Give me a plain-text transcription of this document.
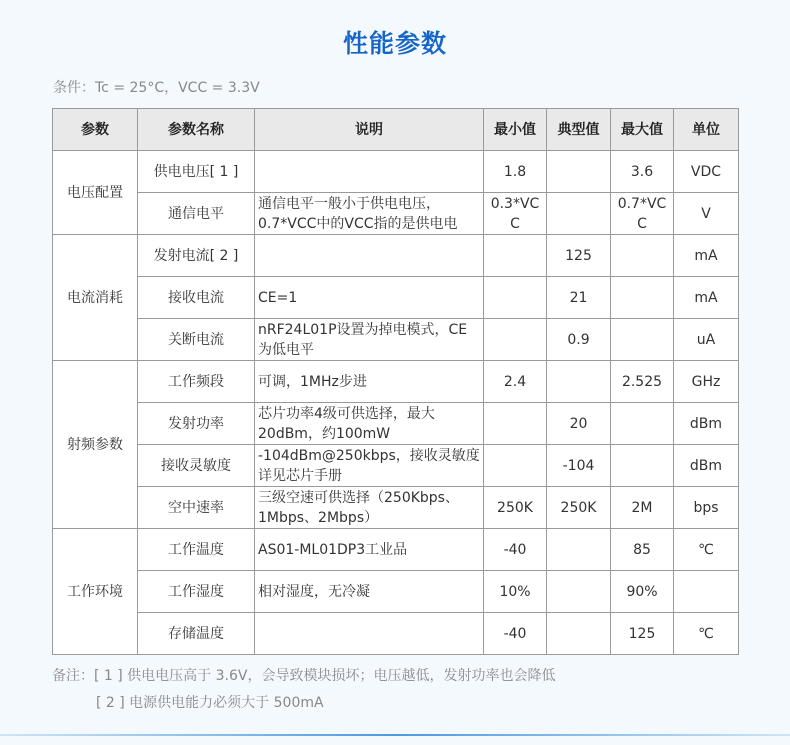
性能参数
条件：Tc = 25°C，VCC = 3.3V
参数	参数名称	说明	最小值	典型值	最大值	单位
电压配置	供电电压[ 1 ]		1.8		3.6	VDC
	通信电平	通信电平一般小于供电电压，0.7*VCC中的VCC指的是供电电	0.3*VCC		0.7*VCC	V
电流消耗	发射电流[ 2 ]			125		mA
	接收电流	CE=1		21		mA
	关断电流	nRF24L01P设置为掉电模式，CE为低电平		0.9		uA
射频参数	工作频段	可调，1MHz步进	2.4		2.525	GHz
	发射功率	芯片功率4级可供选择，最大20dBm，约100mW		20		dBm
	接收灵敏度	-104dBm@250kbps，接收灵敏度详见芯片手册		-104		dBm
	空中速率	三级空速可供选择（250Kbps、1Mbps、2Mbps）	250K	250K	2M	bps
工作环境	工作温度	AS01-ML01DP3工业品	-40		85	℃
	工作湿度	相对湿度，无冷凝	10%		90%	
	存储温度		-40		125	℃
备注：[ 1 ] 供电电压高于 3.6V，会导致模块损坏；电压越低，发射功率也会降低
[ 2 ] 电源供电能力必须大于 500mA
